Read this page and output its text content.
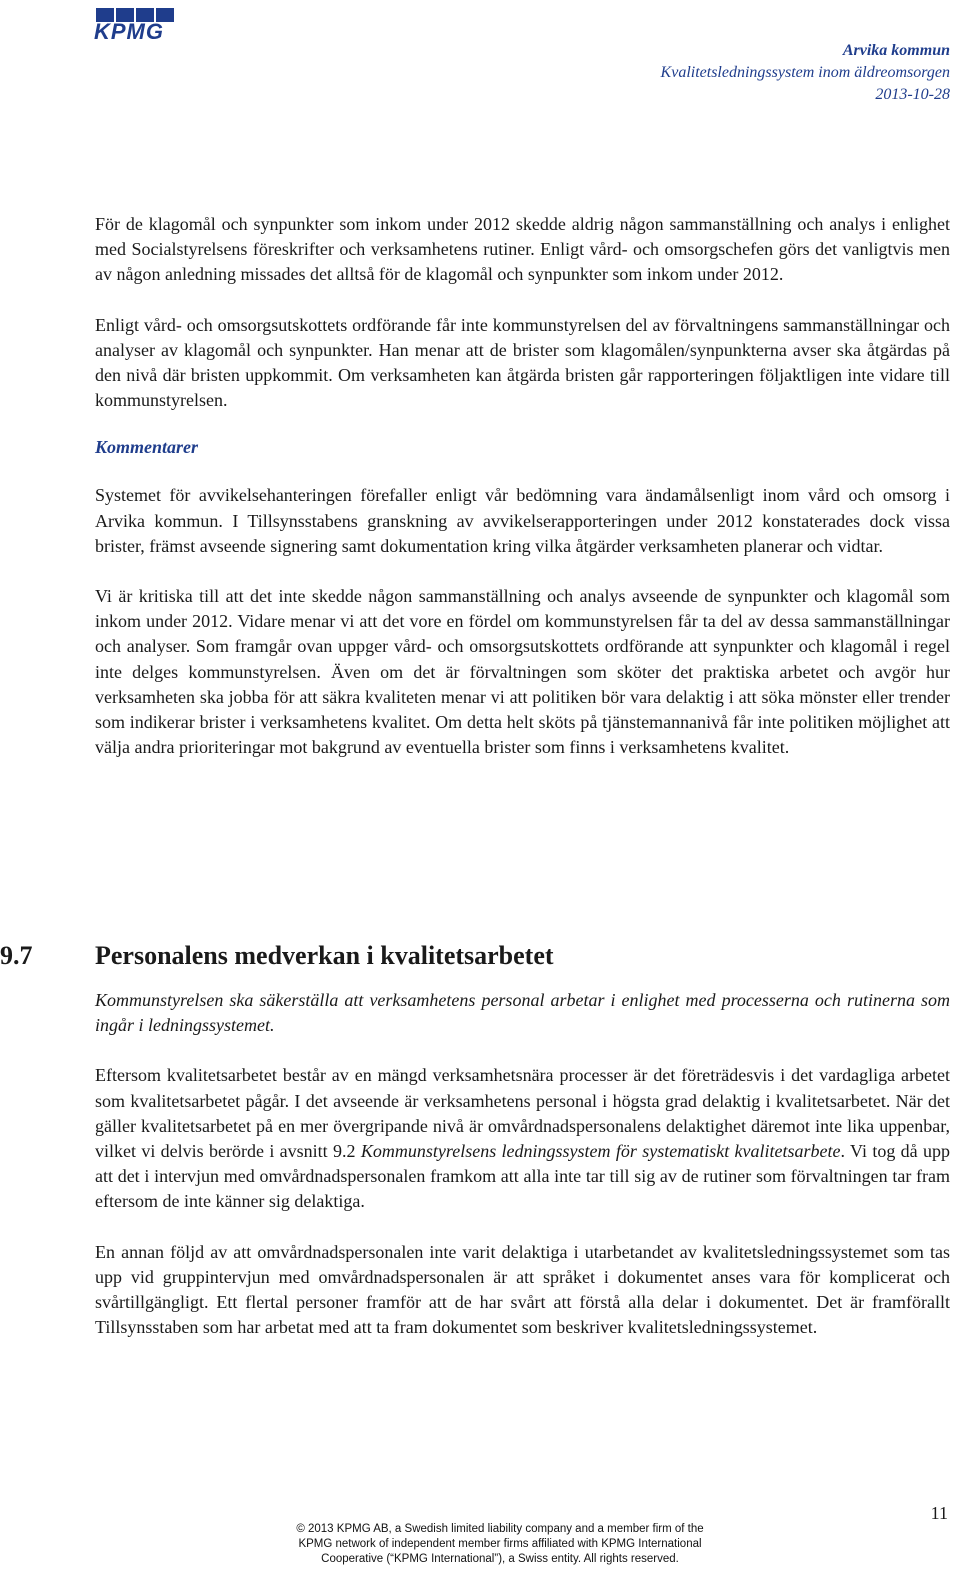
KPMG
Arvika kommun
Kvalitetsledningssystem inom äldreomsorgen
2013-10-28

För de klagomål och synpunkter som inkom under 2012 skedde aldrig någon sammanställning och analys i enlighet med Socialstyrelsens föreskrifter och verksamhetens rutiner. Enligt vård- och omsorgschefen görs det vanligtvis men av någon anledning missades det alltså för de klagomål och synpunkter som inkom under 2012.

Enligt vård- och omsorgsutskottets ordförande får inte kommunstyrelsen del av förvaltningens sammanställningar och analyser av klagomål och synpunkter. Han menar att de brister som klagomålen/synpunkterna avser ska åtgärdas på den nivå där bristen uppkommit. Om verksamheten kan åtgärda bristen går rapporteringen följaktligen inte vidare till kommunstyrelsen.

Kommentarer

Systemet för avvikelsehanteringen förefaller enligt vår bedömning vara ändamålsenligt inom vård och omsorg i Arvika kommun. I Tillsynsstabens granskning av avvikelserapporteringen under 2012 konstaterades dock vissa brister, främst avseende signering samt dokumentation kring vilka åtgärder verksamheten planerar och vidtar.

Vi är kritiska till att det inte skedde någon sammanställning och analys avseende de synpunkter och klagomål som inkom under 2012. Vidare menar vi att det vore en fördel om kommunstyrelsen får ta del av dessa sammanställningar och analyser. Som framgår ovan uppger vård- och omsorgsutskottets ordförande att synpunkter och klagomål i regel inte delges kommunstyrelsen. Även om det är förvaltningen som sköter det praktiska arbetet och avgör hur verksamheten ska jobba för att säkra kvaliteten menar vi att politiken bör vara delaktig i att söka mönster eller trender som indikerar brister i verksamhetens kvalitet. Om detta helt sköts på tjänstemannanivå får inte politiken möjlighet att välja andra prioriteringar mot bakgrund av eventuella brister som finns i verksamhetens kvalitet.

9.7 Personalens medverkan i kvalitetsarbetet

Kommunstyrelsen ska säkerställa att verksamhetens personal arbetar i enlighet med processerna och rutinerna som ingår i ledningssystemet.

Eftersom kvalitetsarbetet består av en mängd verksamhetsnära processer är det företrädesvis i det vardagliga arbetet som kvalitetsarbetet pågår. I det avseende är verksamhetens personal i högsta grad delaktig i kvalitetsarbetet. När det gäller kvalitetsarbetet på en mer övergripande nivå är omvårdnadspersonalens delaktighet däremot inte lika uppenbar, vilket vi delvis berörde i avsnitt 9.2 Kommunstyrelsens ledningssystem för systematiskt kvalitetsarbete. Vi tog då upp att det i intervjun med omvårdnadspersonalen framkom att alla inte tar till sig av de rutiner som förvaltningen tar fram eftersom de inte känner sig delaktiga.

En annan följd av att omvårdnadspersonalen inte varit delaktiga i utarbetandet av kvalitetsledningssystemet som tas upp vid gruppintervjun med omvårdnadspersonalen är att språket i dokumentet anses vara för komplicerat och svårtillgängligt. Ett flertal personer framför att de har svårt att förstå alla delar i dokumentet. Det är framförallt Tillsynsstaben som har arbetat med att ta fram dokumentet som beskriver kvalitetsledningssystemet.

© 2013 KPMG AB, a Swedish limited liability company and a member firm of the
KPMG network of independent member firms affiliated with KPMG International
Cooperative (“KPMG International”), a Swiss entity. All rights reserved.
11
